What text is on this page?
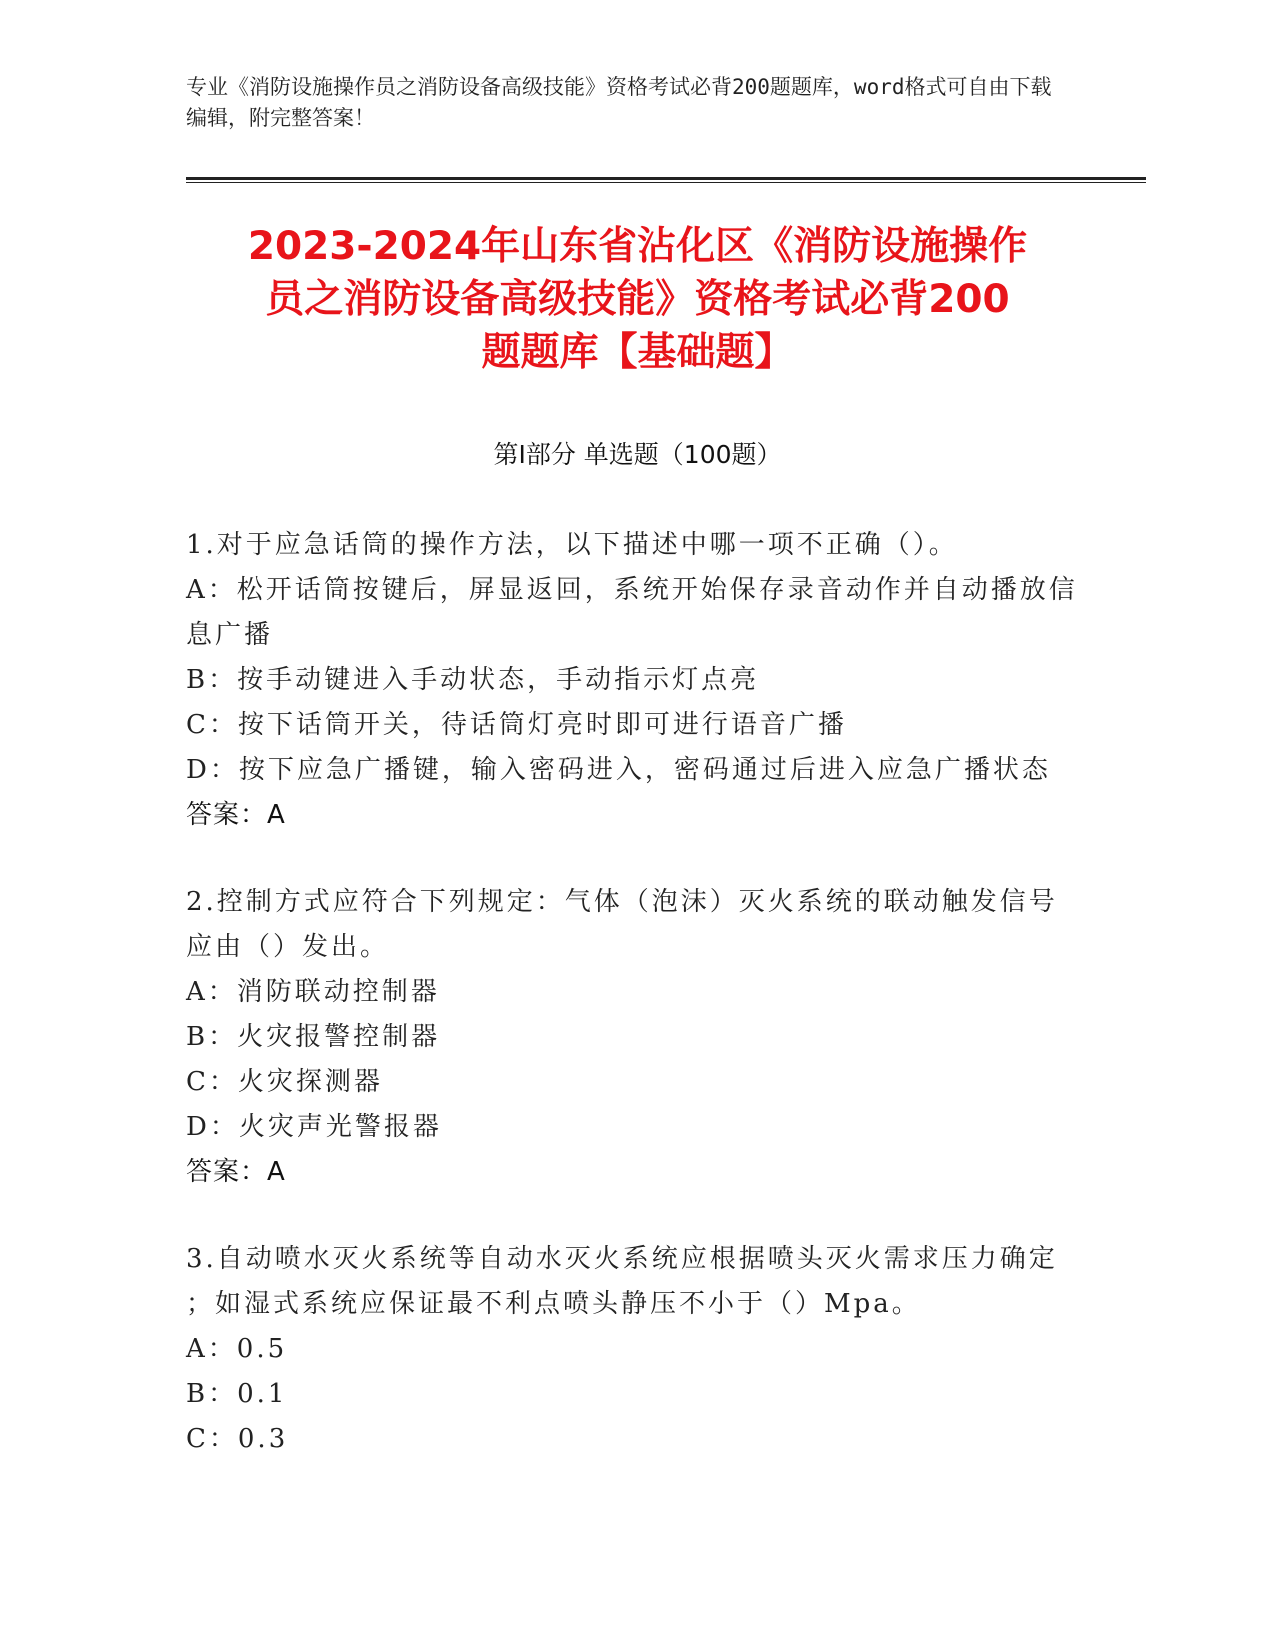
专业《消防设施操作员之消防设备高级技能》资格考试必背200题题库，word格式可自由下载编辑，附完整答案！
2023-2024年山东省沾化区《消防设施操作
员之消防设备高级技能》资格考试必背200
题题库【基础题】
第Ⅰ部分 单选题（100题）

1.对于应急话筒的操作方法，以下描述中哪一项不正确（）。

A：松开话筒按键后，屏显返回，系统开始保存录音动作并自动播放信息广播

B：按手动键进入手动状态，手动指示灯点亮

C：按下话筒开关，待话筒灯亮时即可进行语音广播

D：按下应急广播键，输入密码进入，密码通过后进入应急广播状态

答案：A

2.控制方式应符合下列规定：气体（泡沫）灭火系统的联动触发信号应由（）发出。

A：消防联动控制器

B：火灾报警控制器

C：火灾探测器

D：火灾声光警报器

答案：A

3.自动喷水灭火系统等自动水灭火系统应根据喷头灭火需求压力确定

；如湿式系统应保证最不利点喷头静压不小于（）Mpa。

A：0.5

B：0.1

C：0.3
